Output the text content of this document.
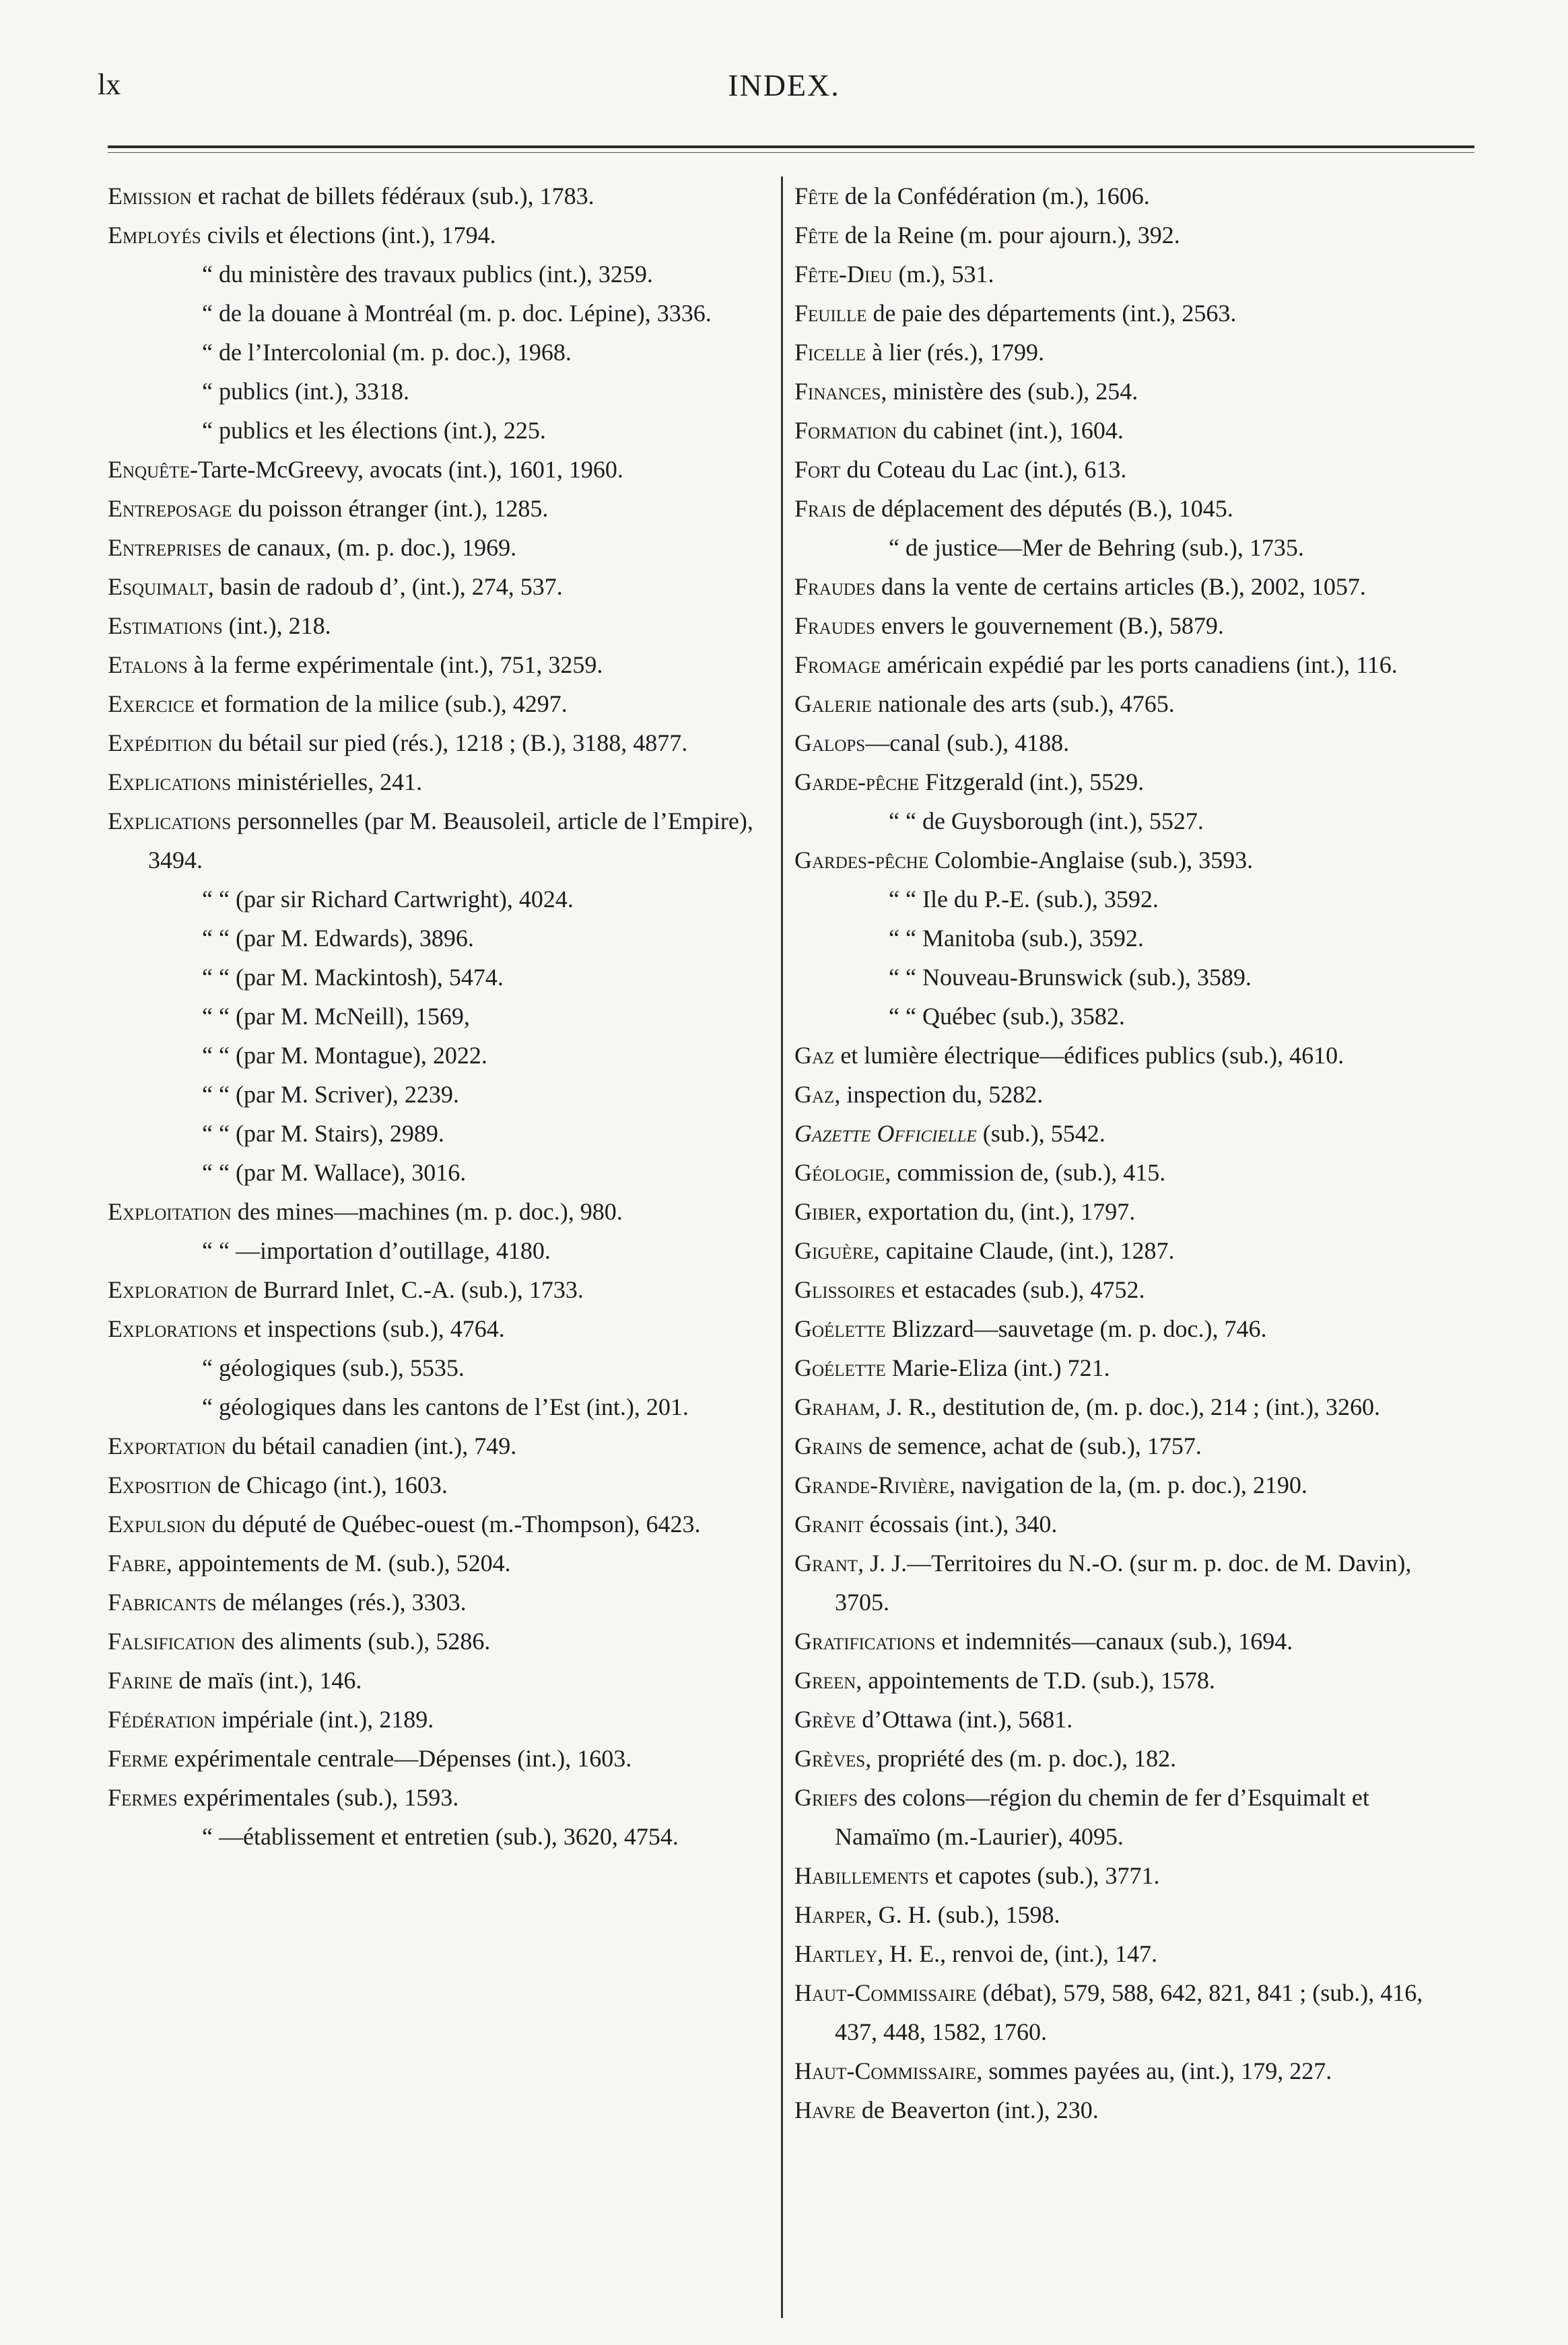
lx	INDEX.

Emission et rachat de billets fédéraux (sub.), 1783.

Employés civils et élections (int.), 1794.

“ du ministère des travaux publics (int.), 3259.

“ de la douane à Montréal (m. p. doc. Lépine), 3336.

“ de l’Intercolonial (m. p. doc.), 1968.

“ publics (int.), 3318.

“ publics et les élections (int.), 225.

Enquête-Tarte-McGreevy, avocats (int.), 1601, 1960.

Entreposage du poisson étranger (int.), 1285.

Entreprises de canaux, (m. p. doc.), 1969.

Esquimalt, basin de radoub d’, (int.), 274, 537.

Estimations (int.), 218.

Etalons à la ferme expérimentale (int.), 751, 3259.

Exercice et formation de la milice (sub.), 4297.

Expédition du bétail sur pied (rés.), 1218 ; (B.), 3188, 4877.

Explications ministérielles, 241.

Explications personnelles (par M. Beausoleil, article de l’Empire), 3494.

“ “ (par sir Richard Cartwright), 4024.

“ “ (par M. Edwards), 3896.

“ “ (par M. Mackintosh), 5474.

“ “ (par M. McNeill), 1569,

“ “ (par M. Montague), 2022.

“ “ (par M. Scriver), 2239.

“ “ (par M. Stairs), 2989.

“ “ (par M. Wallace), 3016.

Exploitation des mines—machines (m. p. doc.), 980.

“ “ —importation d’outillage, 4180.

Exploration de Burrard Inlet, C.-A. (sub.), 1733.

Explorations et inspections (sub.), 4764.

“ géologiques (sub.), 5535.

“ géologiques dans les cantons de l’Est (int.), 201.

Exportation du bétail canadien (int.), 749.

Exposition de Chicago (int.), 1603.

Expulsion du député de Québec-ouest (m.-Thompson), 6423.

Fabre, appointements de M. (sub.), 5204.

Fabricants de mélanges (rés.), 3303.

Falsification des aliments (sub.), 5286.

Farine de maïs (int.), 146.

Fédération impériale (int.), 2189.

Ferme expérimentale centrale—Dépenses (int.), 1603.

Fermes expérimentales (sub.), 1593.

“ —établissement et entretien (sub.), 3620, 4754.

Fête de la Confédération (m.), 1606.

Fête de la Reine (m. pour ajourn.), 392.

Fête-Dieu (m.), 531.

Feuille de paie des départements (int.), 2563.

Ficelle à lier (rés.), 1799.

Finances, ministère des (sub.), 254.

Formation du cabinet (int.), 1604.

Fort du Coteau du Lac (int.), 613.

Frais de déplacement des députés (B.), 1045.

“ de justice—Mer de Behring (sub.), 1735.

Fraudes dans la vente de certains articles (B.), 2002, 1057.

Fraudes envers le gouvernement (B.), 5879.

Fromage américain expédié par les ports canadiens (int.), 116.

Galerie nationale des arts (sub.), 4765.

Galops—canal (sub.), 4188.

Garde-pêche Fitzgerald (int.), 5529.

“ “ de Guysborough (int.), 5527.

Gardes-pêche Colombie-Anglaise (sub.), 3593.

“ “ Ile du P.-E. (sub.), 3592.

“ “ Manitoba (sub.), 3592.

“ “ Nouveau-Brunswick (sub.), 3589.

“ “ Québec (sub.), 3582.

Gaz et lumière électrique—édifices publics (sub.), 4610.

Gaz, inspection du, 5282.

Gazette Officielle (sub.), 5542.

Géologie, commission de, (sub.), 415.

Gibier, exportation du, (int.), 1797.

Giguère, capitaine Claude, (int.), 1287.

Glissoires et estacades (sub.), 4752.

Goélette Blizzard—sauvetage (m. p. doc.), 746.

Goélette Marie-Eliza (int.) 721.

Graham, J. R., destitution de, (m. p. doc.), 214 ; (int.), 3260.

Grains de semence, achat de (sub.), 1757.

Grande-Rivière, navigation de la, (m. p. doc.), 2190.

Granit écossais (int.), 340.

Grant, J. J.—Territoires du N.-O. (sur m. p. doc. de M. Davin), 3705.

Gratifications et indemnités—canaux (sub.), 1694.

Green, appointements de T.D. (sub.), 1578.

Grève d’Ottawa (int.), 5681.

Grèves, propriété des (m. p. doc.), 182.

Griefs des colons—région du chemin de fer d’Esquimalt et Namaïmo (m.-Laurier), 4095.

Habillements et capotes (sub.), 3771.

Harper, G. H. (sub.), 1598.

Hartley, H. E., renvoi de, (int.), 147.

Haut-Commissaire (débat), 579, 588, 642, 821, 841 ; (sub.), 416, 437, 448, 1582, 1760.

Haut-Commissaire, sommes payées au, (int.), 179, 227.

Havre de Beaverton (int.), 230.
